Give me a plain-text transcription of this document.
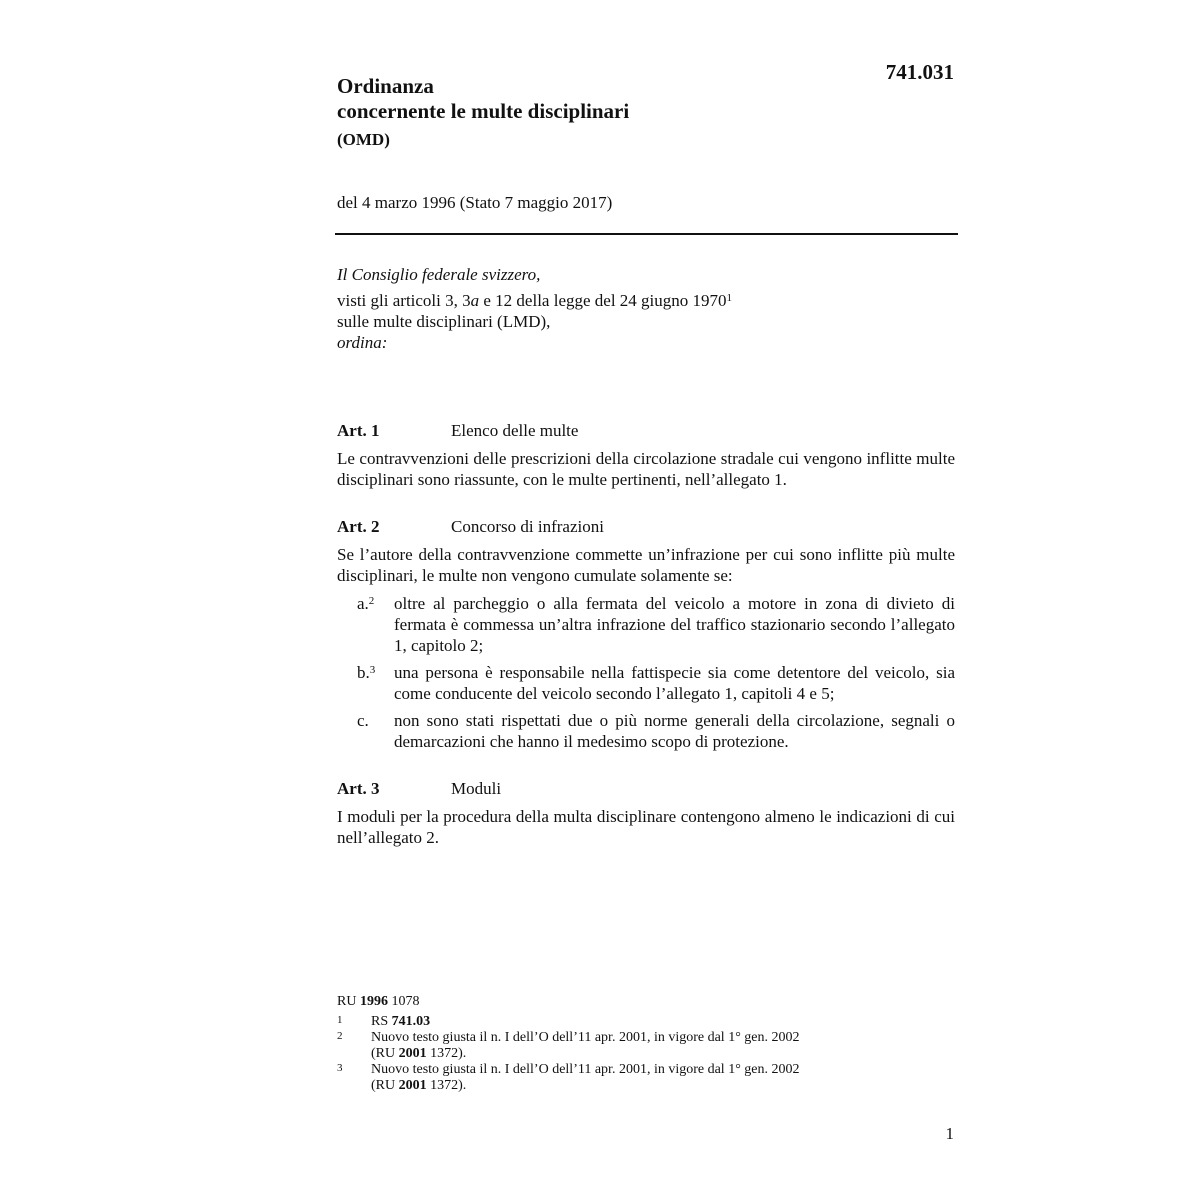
741.031
Ordinanza
concernente le multe disciplinari
(OMD)
del 4 marzo 1996 (Stato 7 maggio 2017)
Il Consiglio federale svizzero,
visti gli articoli 3, 3a e 12 della legge del 24 giugno 1970$^1$
sulle multe disciplinari (LMD),
ordina:
Art. 1	Elenco delle multe
Le contravvenzioni delle prescrizioni della circolazione stradale cui vengono inflitte multe disciplinari sono riassunte, con le multe pertinenti, nell’allegato 1.
Art. 2	Concorso di infrazioni
Se l’autore della contravvenzione commette un’infrazione per cui sono inflitte più multe disciplinari, le multe non vengono cumulate solamente se:
a.$^2$ oltre al parcheggio o alla fermata del veicolo a motore in zona di divieto di fermata è commessa un’altra infrazione del traffico stazionario secondo l’allegato 1, capitolo 2;
b.$^3$ una persona è responsabile nella fattispecie sia come detentore del veicolo, sia come conducente del veicolo secondo l’allegato 1, capitoli 4 e 5;
c. non sono stati rispettati due o più norme generali della circolazione, segnali o demarcazioni che hanno il medesimo scopo di protezione.
Art. 3	Moduli
I moduli per la procedura della multa disciplinare contengono almeno le indicazioni di cui nell’allegato 2.
RU 1996 1078
1 RS 741.03
2 Nuovo testo giusta il n. I dell’O dell’11 apr. 2001, in vigore dal 1° gen. 2002
(RU 2001 1372).
3 Nuovo testo giusta il n. I dell’O dell’11 apr. 2001, in vigore dal 1° gen. 2002
(RU 2001 1372).
1
